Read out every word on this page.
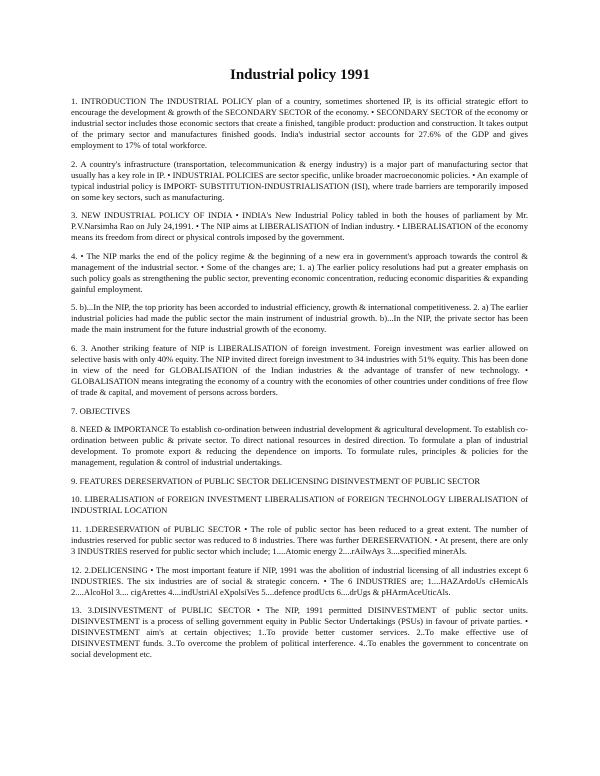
Industrial policy 1991

1. INTRODUCTION The INDUSTRIAL POLICY plan of a country, sometimes shortened IP, is its official strategic effort to encourage the development & growth of the SECONDARY SECTOR of the economy. • SECONDARY SECTOR of the economy or industrial sector includes those economic sectors that create a finished, tangible product: production and construction. It takes output of the primary sector and manufactures finished goods. India's industrial sector accounts for 27.6% of the GDP and gives employment to 17% of total workforce.

2. A country's infrastructure (transportation, telecommunication & energy industry) is a major part of manufacturing sector that usually has a key role in IP. • INDUSTRIAL POLICIES are sector specific, unlike broader macroeconomic policies. • An example of typical industrial policy is IMPORT- SUBSTITUTION-INDUSTRIALISATION (ISI), where trade barriers are temporarily imposed on some key sectors, such as manufacturing.

3. NEW INDUSTRIAL POLICY OF INDIA • INDIA's New Industrial Policy tabled in both the houses of parliament by Mr. P.V.Narsimha Rao on July 24,1991. • The NIP aims at LIBERALISATION of Indian industry. • LIBERALISATION of the economy means its freedom from direct or physical controls imposed by the government.

4. • The NIP marks the end of the policy regime & the beginning of a new era in government's approach towards the control & management of the industrial sector. • Some of the changes are; 1. a) The earlier policy resolutions had put a greater emphasis on such policy goals as strengthening the public sector, preventing economic concentration, reducing economic disparities & expanding gainful employment.

5. b)...In the NIP, the top priority has been accorded to industrial efficiency, growth & international competitiveness. 2. a) The earlier industrial policies had made the public sector the main instrument of industrial growth. b)...In the NIP, the private sector has been made the main instrument for the future industrial growth of the economy.

6. 3. Another striking feature of NIP is LIBERALISATION of foreign investment. Foreign investment was earlier allowed on selective basis with only 40% equity. The NIP invited direct foreign investment to 34 industries with 51% equity. This has been done in view of the need for GLOBALISATION of the Indian industries & the advantage of transfer of new technology. • GLOBALISATION means integrating the economy of a country with the economies of other countries under conditions of free flow of trade & capital, and movement of persons across borders.

7. OBJECTIVES

8. NEED & IMPORTANCE To establish co-ordination between industrial development & agricultural development. To establish co-ordination between public & private sector. To direct national resources in desired direction. To formulate a plan of industrial development. To promote export & reducing the dependence on imports. To formulate rules, principles & policies for the management, regulation & control of industrial undertakings.

9. FEATURES DERESERVATION of PUBLIC SECTOR DELICENSING DISINVESTMENT OF PUBLIC SECTOR

10. LIBERALISATION of FOREIGN INVESTMENT LIBERALISATION of FOREIGN TECHNOLOGY LIBERALISATION of INDUSTRIAL LOCATION

11. 1.DERESERVATION of PUBLIC SECTOR • The role of public sector has been reduced to a great extent. The number of industries reserved for public sector was reduced to 8 industries. There was further DERESERVATION. • At present, there are only 3 INDUSTRIES reserved for public sector which include; 1....Atomic energy 2....rAilwAys 3....specified minerAls.

12. 2.DELICENSING • The most important feature if NIP, 1991 was the abolition of industrial licensing of all industries except 6 INDUSTRIES. The six industries are of social & strategic concern. • The 6 INDUSTRIES are; 1....HAZArdoUs cHemicAls 2....AlcoHol 3.... cigArettes 4....indUstriAl eXpolsiVes 5....defence prodUcts 6....drUgs & pHArmAceUticAls.

13. 3.DISINVESTMENT of PUBLIC SECTOR • The NIP, 1991 permitted DISINVESTMENT of public sector units. DISINVESTMENT is a process of selling government equity in Public Sector Undertakings (PSUs) in favour of private parties. • DISINVESTMENT aim's at certain objectives; 1..To provide better customer services. 2..To make effective use of DISINVESTMENT funds. 3..To overcome the problem of political interference. 4..To enables the government to concentrate on social development etc.
